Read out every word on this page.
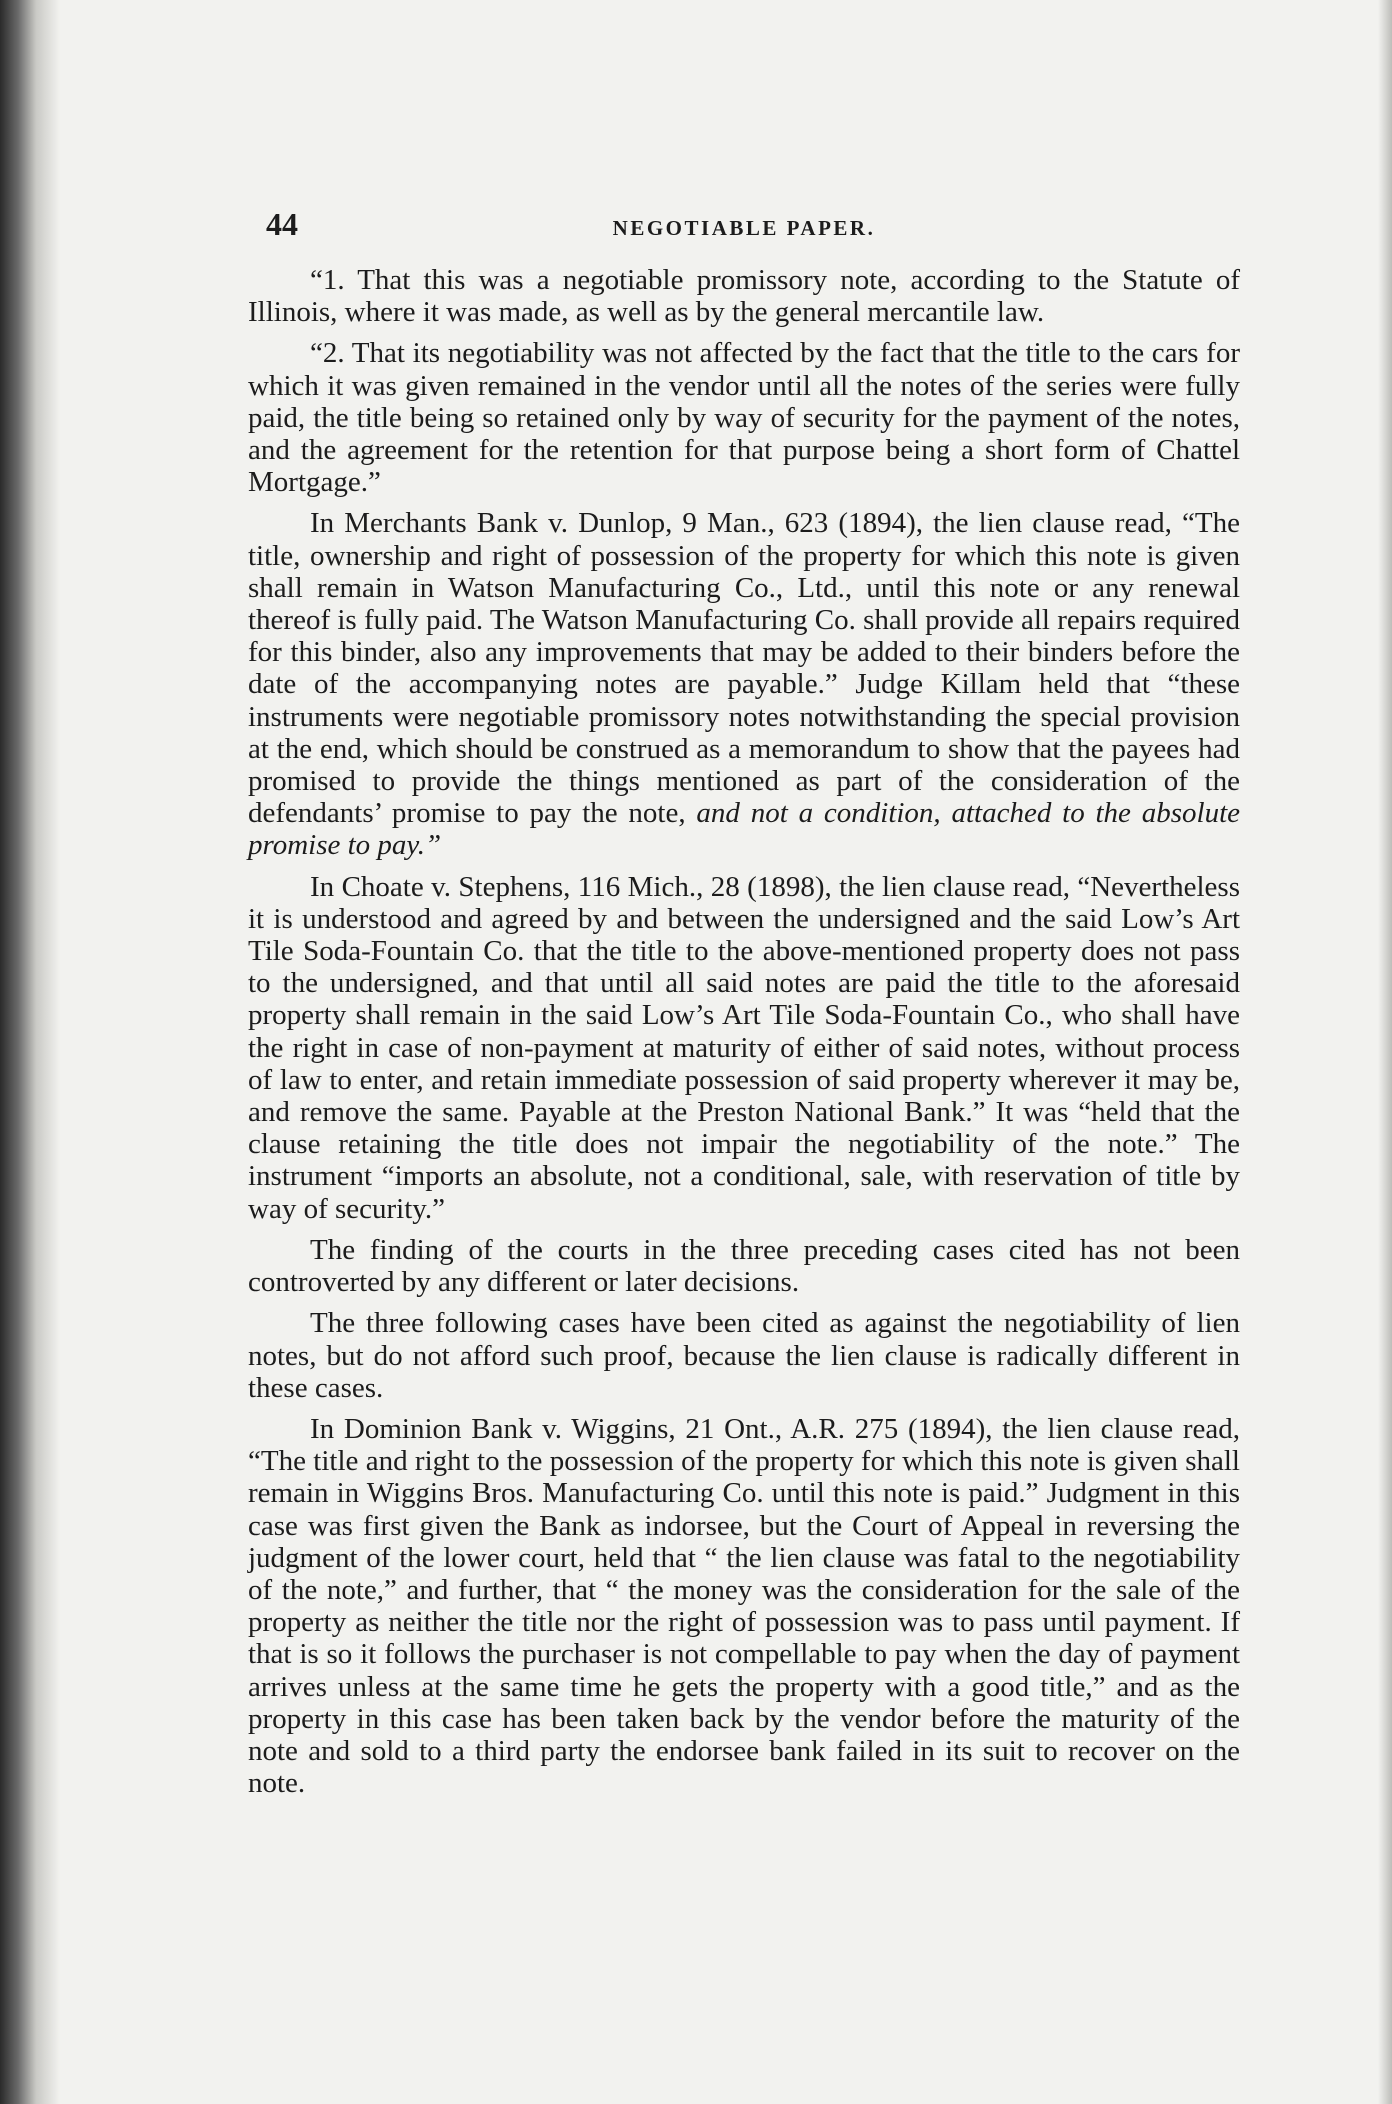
44	NEGOTIABLE PAPER.

“1. That this was a negotiable promissory note, according to the Statute of Illinois, where it was made, as well as by the general mercantile law.

“2. That its negotiability was not affected by the fact that the title to the cars for which it was given remained in the vendor until all the notes of the series were fully paid, the title being so retained only by way of security for the payment of the notes, and the agreement for the retention for that purpose being a short form of Chattel Mortgage.”

In Merchants Bank v. Dunlop, 9 Man., 623 (1894), the lien clause read, “The title, ownership and right of possession of the property for which this note is given shall remain in Watson Manufacturing Co., Ltd., until this note or any renewal thereof is fully paid. The Watson Manufacturing Co. shall provide all repairs required for this binder, also any improvements that may be added to their binders before the date of the accompanying notes are payable.” Judge Killam held that “these instruments were negotiable promissory notes notwithstanding the special provision at the end, which should be construed as a memorandum to show that the payees had promised to provide the things mentioned as part of the consideration of the defendants’ promise to pay the note, and not a condition, attached to the absolute promise to pay.”

In Choate v. Stephens, 116 Mich., 28 (1898), the lien clause read, “Nevertheless it is understood and agreed by and between the undersigned and the said Low’s Art Tile Soda-Fountain Co. that the title to the above-mentioned property does not pass to the undersigned, and that until all said notes are paid the title to the aforesaid property shall remain in the said Low’s Art Tile Soda-Fountain Co., who shall have the right in case of non-payment at maturity of either of said notes, without process of law to enter, and retain immediate possession of said property wherever it may be, and remove the same. Payable at the Preston National Bank.” It was “held that the clause retaining the title does not impair the negotiability of the note.” The instrument “imports an absolute, not a conditional, sale, with reservation of title by way of security.”

The finding of the courts in the three preceding cases cited has not been controverted by any different or later decisions.

The three following cases have been cited as against the negotiability of lien notes, but do not afford such proof, because the lien clause is radically different in these cases.

In Dominion Bank v. Wiggins, 21 Ont., A.R. 275 (1894), the lien clause read, “The title and right to the possession of the property for which this note is given shall remain in Wiggins Bros. Manufacturing Co. until this note is paid.” Judgment in this case was first given the Bank as indorsee, but the Court of Appeal in reversing the judgment of the lower court, held that “ the lien clause was fatal to the negotiability of the note,” and further, that “ the money was the consideration for the sale of the property as neither the title nor the right of possession was to pass until payment. If that is so it follows the purchaser is not compellable to pay when the day of payment arrives unless at the same time he gets the property with a good title,” and as the property in this case has been taken back by the vendor before the maturity of the note and sold to a third party the endorsee bank failed in its suit to recover on the note.
